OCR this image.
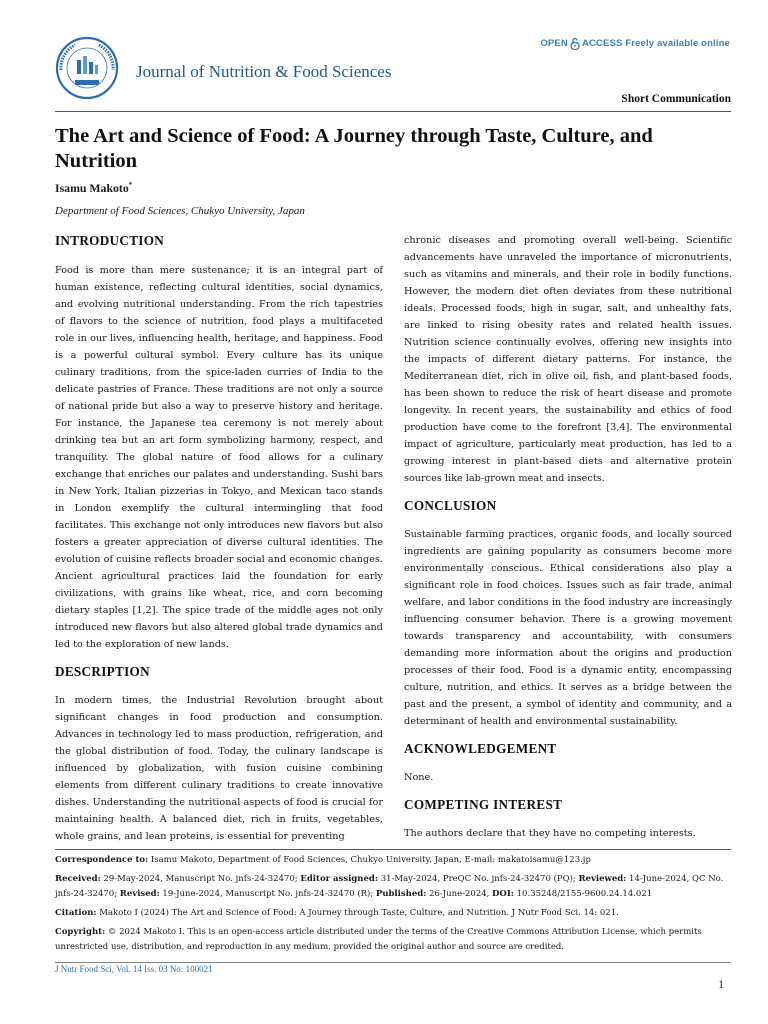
Journal of Nutrition & Food Sciences
OPEN ACCESS Freely available online
Short Communication
The Art and Science of Food: A Journey through Taste, Culture, and Nutrition
Isamu Makoto*
Department of Food Sciences, Chukyo University, Japan
INTRODUCTION

Food is more than mere sustenance; it is an integral part of human existence, reflecting cultural identities, social dynamics, and evolving nutritional understanding. From the rich tapestries of flavors to the science of nutrition, food plays a multifaceted role in our lives, influencing health, heritage, and happiness. Food is a powerful cultural symbol. Every culture has its unique culinary traditions, from the spice-laden curries of India to the delicate pastries of France. These traditions are not only a source of national pride but also a way to preserve history and heritage. For instance, the Japanese tea ceremony is not merely about drinking tea but an art form symbolizing harmony, respect, and tranquility. The global nature of food allows for a culinary exchange that enriches our palates and understanding. Sushi bars in New York, Italian pizzerias in Tokyo, and Mexican taco stands in London exemplify the cultural intermingling that food facilitates. This exchange not only introduces new flavors but also fosters a greater appreciation of diverse cultural identities. The evolution of cuisine reflects broader social and economic changes. Ancient agricultural practices laid the foundation for early civilizations, with grains like wheat, rice, and corn becoming dietary staples [1,2]. The spice trade of the middle ages not only introduced new flavors but also altered global trade dynamics and led to the exploration of new lands.

DESCRIPTION

In modern times, the Industrial Revolution brought about significant changes in food production and consumption. Advances in technology led to mass production, refrigeration, and the global distribution of food. Today, the culinary landscape is influenced by globalization, with fusion cuisine combining elements from different culinary traditions to create innovative dishes. Understanding the nutritional aspects of food is crucial for maintaining health. A balanced diet, rich in fruits, vegetables, whole grains, and lean proteins, is essential for preventing

chronic diseases and promoting overall well-being. Scientific advancements have unraveled the importance of micronutrients, such as vitamins and minerals, and their role in bodily functions. However, the modern diet often deviates from these nutritional ideals. Processed foods, high in sugar, salt, and unhealthy fats, are linked to rising obesity rates and related health issues. Nutrition science continually evolves, offering new insights into the impacts of different dietary patterns. For instance, the Mediterranean diet, rich in olive oil, fish, and plant-based foods, has been shown to reduce the risk of heart disease and promote longevity. In recent years, the sustainability and ethics of food production have come to the forefront [3,4]. The environmental impact of agriculture, particularly meat production, has led to a growing interest in plant-based diets and alternative protein sources like lab-grown meat and insects.

CONCLUSION

Sustainable farming practices, organic foods, and locally sourced ingredients are gaining popularity as consumers become more environmentally conscious. Ethical considerations also play a significant role in food choices. Issues such as fair trade, animal welfare, and labor conditions in the food industry are increasingly influencing consumer behavior. There is a growing movement towards transparency and accountability, with consumers demanding more information about the origins and production processes of their food. Food is a dynamic entity, encompassing culture, nutrition, and ethics. It serves as a bridge between the past and the present, a symbol of identity and community, and a determinant of health and environmental sustainability.

ACKNOWLEDGEMENT

None.

COMPETING INTEREST

The authors declare that they have no competing interests.

Correspondence to: Isamu Makoto, Department of Food Sciences, Chukyo University, Japan, E-mail: makatoisamu@123.jp
Received: 29-May-2024, Manuscript No. jnfs-24-32470; Editor assigned: 31-May-2024, PreQC No. jnfs-24-32470 (PQ); Reviewed: 14-June-2024, QC No. jnfs-24-32470; Revised: 19-June-2024, Manuscript No. jnfs-24-32470 (R); Published: 26-June-2024, DOI: 10.35248/2155-9600.24.14.021
Citation: Makoto I (2024) The Art and Science of Food: A Journey through Taste, Culture, and Nutrition. J Nutr Food Sci. 14: 021.
Copyright: © 2024 Makoto I. This is an open-access article distributed under the terms of the Creative Commons Attribution License, which permits unrestricted use, distribution, and reproduction in any medium, provided the original author and source are credited.
J Nutr Food Sci, Vol. 14 Iss. 03 No: 100021
1
